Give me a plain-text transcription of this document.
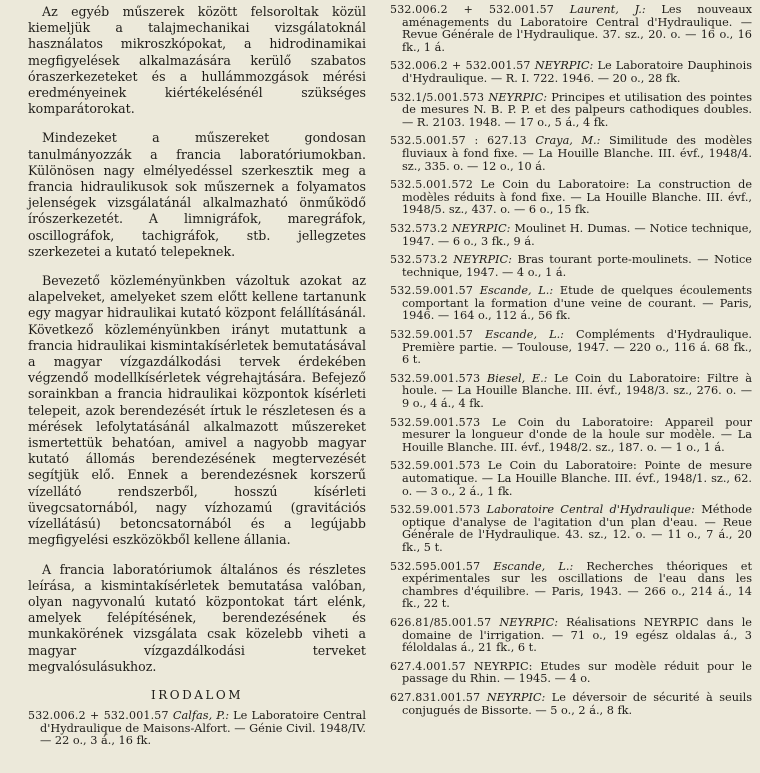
Az egyéb műszerek között felsoroltak közül kiemeljük a talajmechanikai vizsgálatoknál használatos mikroszkópokat, a hidrodinamikai megfigyelések alkalmazására kerülő szabatos óraszerkezeteket és a hullámmozgások mérési eredményeinek kiértékelésénél szükséges komparátorokat.

Mindezeket a műszereket gondosan tanulmányozzák a francia laboratóriumokban. Különösen nagy elmélyedéssel szerkesztik meg a francia hidraulikusok sok műszernek a folyamatos jelenségek vizsgálatánál alkalmazható önműködő írószerkezetét. A limnigráfok, maregráfok, oscillográfok, tachigráfok, stb. jellegzetes szerkezetei a kutató telepeknek.

Bevezető közleményünkben vázoltuk azokat az alapelveket, amelyeket szem előtt kellene tartanunk egy magyar hidraulikai kutató központ felállításánál. Következő közleményünkben irányt mutattunk a francia hidraulikai kismintakísérletek bemutatásával a magyar vízgazdálkodási tervek érdekében végzendő modellkísérletek végrehajtására. Befejező sorainkban a francia hidraulikai központok kísérleti telepeit, azok berendezését írtuk le részletesen és a mérések lefolytatásánál alkalmazott műszereket ismertettük behatóan, amivel a nagyobb magyar kutató állomás berendezésének megtervezését segítjük elő. Ennek a berendezésnek korszerű vízellátó rendszerből, hosszú kísérleti üvegcsatornából, nagy vízhozamú (gravitációs vízellátású) betoncsatornából és a legújabb megfigyelési eszközökből kellene állania.

A francia laboratóriumok általános és részletes leírása, a kismintakísérletek bemutatása valóban, olyan nagyvonalú kutató központokat tárt elénk, amelyek felépítésének, berendezésének és munkakörének vizsgálata csak közelebb viheti a magyar vízgazdálkodási terveket megvalósulásukhoz.

IRODALOM

532.006.2 + 532.001.57 Calfas, P.: Le Laboratoire Central d'Hydraulique de Maisons-Alfort. — Génie Civil. 1948/IV. — 22 o., 3 á., 16 fk.

532.006.2 + 532.001.57 Laurent, J.: Les nouveaux aménagements du Laboratoire Central d'Hydraulique. — Revue Générale de l'Hydraulique. 37. sz., 20. o. — 16 o., 16 fk., 1 á.

532.006.2 + 532.001.57 NEYRPIC: Le Laboratoire Dauphinois d'Hydraulique. — R. I. 722. 1946. — 20 o., 28 fk.

532.1/5.001.573 NEYRPIC: Principes et utilisation des pointes de mesures N. B. P. P. et des palpeurs cathodiques doubles. — R. 2103. 1948. — 17 o., 5 á., 4 fk.

532.5.001.57 : 627.13 Craya, M.: Similitude des modèles fluviaux à fond fixe. — La Houille Blanche. III. évf., 1948/4. sz., 335. o. — 12 o., 10 á.

532.5.001.572 Le Coin du Laboratoire: La construction de modèles réduits à fond fixe. — La Houille Blanche. III. évf., 1948/5. sz., 437. o. — 6 o., 15 fk.

532.573.2 NEYRPIC: Moulinet H. Dumas. — Notice technique, 1947. — 6 o., 3 fk., 9 á.

532.573.2 NEYRPIC: Bras tourant porte-moulinets. — Notice technique, 1947. — 4 o., 1 á.

532.59.001.57 Escande, L.: Etude de quelques écoulements comportant la formation d'une veine de courant. — Paris, 1946. — 164 o., 112 á., 56 fk.

532.59.001.57 Escande, L.: Compléments d'Hydraulique. Première partie. — Toulouse, 1947. — 220 o., 116 á. 68 fk., 6 t.

532.59.001.573 Biesel, E.: Le Coin du Laboratoire: Filtre à houle. — La Houille Blanche. III. évf., 1948/3. sz., 276. o. — 9 o., 4 á., 4 fk.

532.59.001.573 Le Coin du Laboratoire: Appareil pour mesurer la longueur d'onde de la houle sur modèle. — La Houille Blanche. III. évf., 1948/2. sz., 187. o. — 1 o., 1 á.

532.59.001.573 Le Coin du Laboratoire: Pointe de mesure automatique. — La Houille Blanche. III. évf., 1948/1. sz., 62. o. — 3 o., 2 á., 1 fk.

532.59.001.573 Laboratoire Central d'Hydraulique: Méthode optique d'analyse de l'agitation d'un plan d'eau. — Reue Générale de l'Hydraulique. 43. sz., 12. o. — 11 o., 7 á., 20 fk., 5 t.

532.595.001.57 Escande, L.: Recherches théoriques et expérimentales sur les oscillations de l'eau dans les chambres d'équilibre. — Paris, 1943. — 266 o., 214 á., 14 fk., 22 t.

626.81/85.001.57 NEYRPIC: Réalisations NEYRPIC dans le domaine de l'irrigation. — 71 o., 19 egész oldalas á., 3 féloldalas á., 21 fk., 6 t.

627.4.001.57 NEYRPIC: Etudes sur modèle réduit pour le passage du Rhin. — 1945. — 4 o.

627.831.001.57 NEYRPIC: Le déversoir de sécurité à seuils conjugués de Bissorte. — 5 o., 2 á., 8 fk.
